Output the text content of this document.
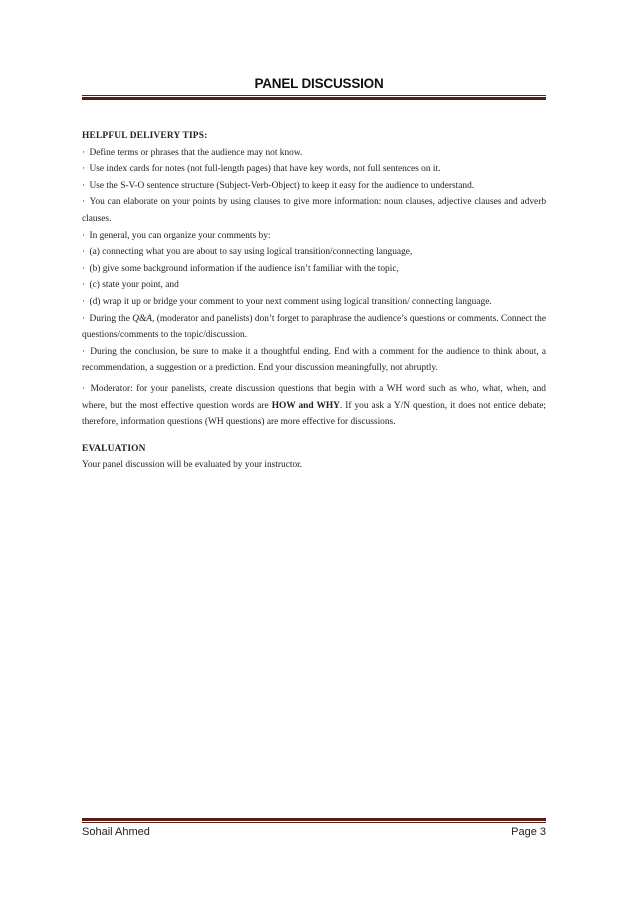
PANEL DISCUSSION

HELPFUL DELIVERY TIPS:

· Define terms or phrases that the audience may not know.

· Use index cards for notes (not full-length pages) that have key words, not full sentences on it.

· Use the S-V-O sentence structure (Subject-Verb-Object) to keep it easy for the audience to understand.

· You can elaborate on your points by using clauses to give more information: noun clauses, adjective clauses and adverb clauses.

· In general, you can organize your comments by:

· (a) connecting what you are about to say using logical transition/connecting language,

· (b) give some background information if the audience isn’t familiar with the topic,

· (c) state your point, and

· (d) wrap it up or bridge your comment to your next comment using logical transition/ connecting language.

· During the Q&A, (moderator and panelists) don’t forget to paraphrase the audience’s questions or comments. Connect the questions/comments to the topic/discussion.

· During the conclusion, be sure to make it a thoughtful ending. End with a comment for the audience to think about, a recommendation, a suggestion or a prediction. End your discussion meaningfully, not abruptly.

· Moderator: for your panelists, create discussion questions that begin with a WH word such as who, what, when, and where, but the most effective question words are HOW and WHY. If you ask a Y/N question, it does not entice debate; therefore, information questions (WH questions) are more effective for discussions.

EVALUATION

Your panel discussion will be evaluated by your instructor.

Sohail Ahmed	Page 3
